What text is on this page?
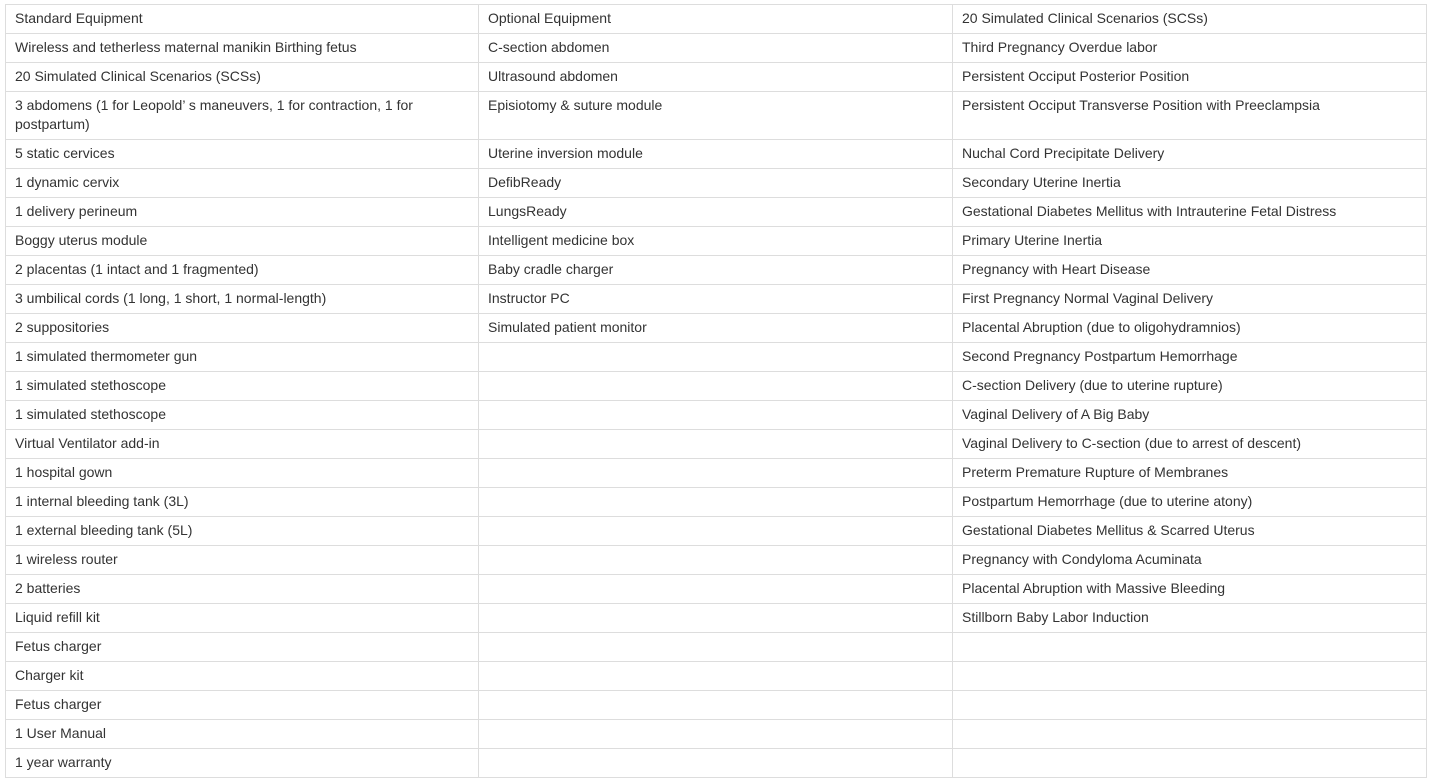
Standard Equipment	Optional Equipment	20 Simulated Clinical Scenarios (SCSs)
Wireless and tetherless maternal manikin Birthing fetus	C-section abdomen	Third Pregnancy Overdue labor
20 Simulated Clinical Scenarios (SCSs)	Ultrasound abdomen	Persistent Occiput Posterior Position
3 abdomens (1 for Leopold’ s maneuvers, 1 for contraction, 1 for postpartum)	Episiotomy & suture module	Persistent Occiput Transverse Position with Preeclampsia
5 static cervices	Uterine inversion module	Nuchal Cord Precipitate Delivery
1 dynamic cervix	DefibReady	Secondary Uterine Inertia
1 delivery perineum	LungsReady	Gestational Diabetes Mellitus with Intrauterine Fetal Distress
Boggy uterus module	Intelligent medicine box	Primary Uterine Inertia
2 placentas (1 intact and 1 fragmented)	Baby cradle charger	Pregnancy with Heart Disease
3 umbilical cords (1 long, 1 short, 1 normal-length)	Instructor PC	First Pregnancy Normal Vaginal Delivery
2 suppositories	Simulated patient monitor	Placental Abruption (due to oligohydramnios)
1 simulated thermometer gun		Second Pregnancy Postpartum Hemorrhage
1 simulated stethoscope		C-section Delivery (due to uterine rupture)
1 simulated stethoscope		Vaginal Delivery of A Big Baby
Virtual Ventilator add-in		Vaginal Delivery to C-section (due to arrest of descent)
1 hospital gown		Preterm Premature Rupture of Membranes
1 internal bleeding tank (3L)		Postpartum Hemorrhage (due to uterine atony)
1 external bleeding tank (5L)		Gestational Diabetes Mellitus & Scarred Uterus
1 wireless router		Pregnancy with Condyloma Acuminata
2 batteries		Placental Abruption with Massive Bleeding
Liquid refill kit		Stillborn Baby Labor Induction
Fetus charger		
Charger kit		
Fetus charger		
1 User Manual		
1 year warranty		
